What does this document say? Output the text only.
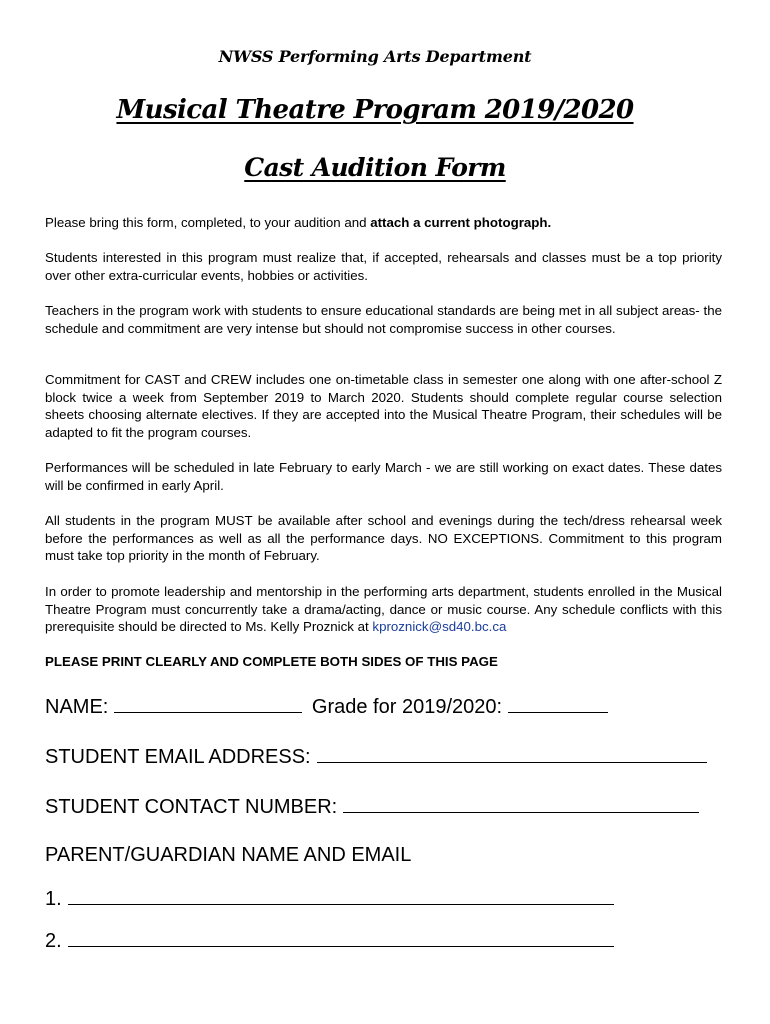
NWSS Performing Arts Department
Musical Theatre Program 2019/2020
Cast Audition Form

Please bring this form, completed, to your audition and attach a current photograph.

Students interested in this program must realize that, if accepted, rehearsals and classes must be a top priority over other extra-curricular events, hobbies or activities.

Teachers in the program work with students to ensure educational standards are being met in all subject areas- the schedule and commitment are very intense but should not compromise success in other courses.

Commitment for CAST and CREW includes one on-timetable class in semester one along with one after-school Z block twice a week from September 2019 to March 2020. Students should complete regular course selection sheets choosing alternate electives. If they are accepted into the Musical Theatre Program, their schedules will be adapted to fit the program courses.

Performances will be scheduled in late February to early March - we are still working on exact dates. These dates will be confirmed in early April.

All students in the program MUST be available after school and evenings during the tech/dress rehearsal week before the performances as well as all the performance days. NO EXCEPTIONS. Commitment to this program must take top priority in the month of February.

In order to promote leadership and mentorship in the performing arts department, students enrolled in the Musical Theatre Program must concurrently take a drama/acting, dance or music course. Any schedule conflicts with this prerequisite should be directed to Ms. Kelly Proznick at kproznick@sd40.bc.ca

PLEASE PRINT CLEARLY AND COMPLETE BOTH SIDES OF THIS PAGE
NAME:	Grade for 2019/2020:
STUDENT EMAIL ADDRESS:
STUDENT CONTACT NUMBER:
PARENT/GUARDIAN NAME AND EMAIL
1.
2.
